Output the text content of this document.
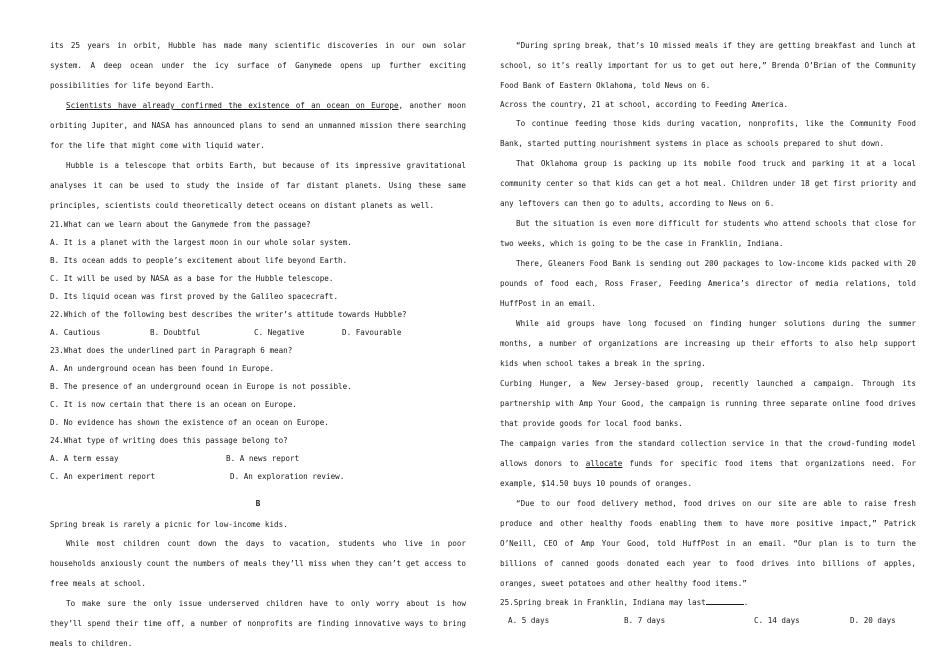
its 25 years in orbit, Hubble has made many scientific discoveries in our own solar system. A deep ocean under the icy surface of Ganymede opens up further exciting possibilities for life beyond Earth.

Scientists have already confirmed the existence of an ocean on Europe, another moon orbiting Jupiter, and NASA has announced plans to send an unmanned mission there searching for the life that might come with liquid water.

Hubble is a telescope that orbits Earth, but because of its impressive gravitational analyses it can be used to study the inside of far distant planets. Using these same principles, scientists could theoretically detect oceans on distant planets as well.

21.What can we learn about the Ganymede from the passage?

A. It is a planet with the largest moon in our whole solar system.

B. Its ocean adds to people’s excitement about life beyond Earth.

C. It will be used by NASA as a base for the Hubble telescope.

D. Its liquid ocean was first proved by the Galileo spacecraft.

22.Which of the following best describes the writer’s attitude towards Hubble?

A. Cautious	B. Doubtful	C. Negative	D. Favourable

23.What does the underlined part in Paragraph 6 mean?

A. An underground ocean has been found in Europe.

B. The presence of an underground ocean in Europe is not possible.

C. It is now certain that there is an ocean on Europe.

D. No evidence has shown the existence of an ocean on Europe.

24.What type of writing does this passage belong to?

A. A term essay	B. A news report
C. An experiment report	D. An exploration review.

B

Spring break is rarely a picnic for low-income kids.

While most children count down the days to vacation, students who live in poor households anxiously count the numbers of meals they’ll miss when they can’t get access to free meals at school.

To make sure the only issue underserved children have to only worry about is how they’ll spend their time off, a number of nonprofits are finding innovative ways to bring meals to children.

“During spring break, that’s 10 missed meals if they are getting breakfast and lunch at school, so it’s really important for us to get out here,” Brenda O’Brian of the Community Food Bank of Eastern Oklahoma, told News on 6.

Across the country, 21 at school, according to Feeding America.

To continue feeding those kids during vacation, nonprofits, like the Community Food Bank, started putting nourishment systems in place as schools prepared to shut down.

That Oklahoma group is packing up its mobile food truck and parking it at a local community center so that kids can get a hot meal. Children under 18 get first priority and any leftovers can then go to adults, according to News on 6.

But the situation is even more difficult for students who attend schools that close for two weeks, which is going to be the case in Franklin, Indiana.

There, Gleaners Food Bank is sending out 200 packages to low-income kids packed with 20 pounds of food each, Ross Fraser, Feeding America’s director of media relations, told HuffPost in an email.

While aid groups have long focused on finding hunger solutions during the summer months, a number of organizations are increasing up their efforts to also help support kids when school takes a break in the spring.

Curbing Hunger, a New Jersey-based group, recently launched a campaign. Through its partnership with Amp Your Good, the campaign is running three separate online food drives that provide goods for local food banks.

The campaign varies from the standard collection service in that the crowd-funding model allows donors to allocate funds for specific food items that organizations need. For example, $14.50 buys 10 pounds of oranges.

“Due to our food delivery method, food drives on our site are able to raise fresh produce and other healthy foods enabling them to have more positive impact,” Patrick O’Neill, CEO of Amp Your Good, told HuffPost in an email. “Our plan is to turn the billions of canned goods donated each year to food drives into billions of apples, oranges, sweet potatoes and other healthy food items.”

25.Spring break in Franklin, Indiana may last	.

A. 5 days	B. 7 days	C. 14 days	D. 20 days
